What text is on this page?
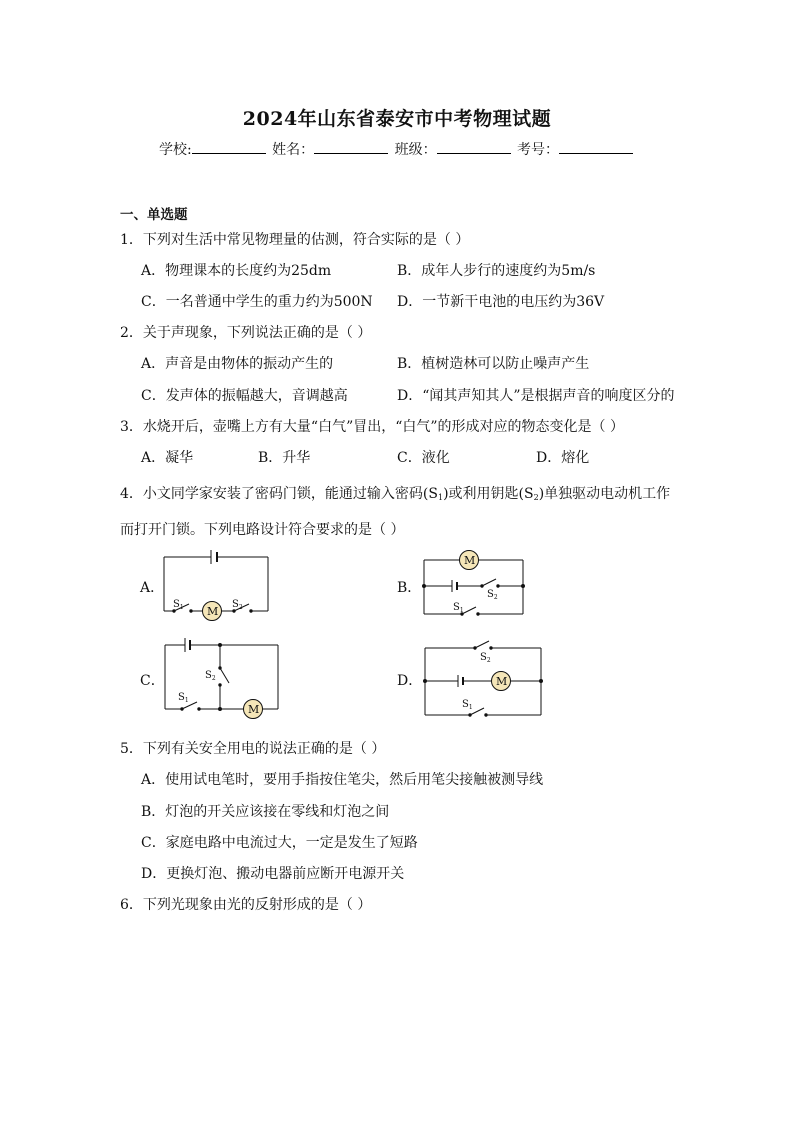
2024年山东省泰安市中考物理试题
学校:	姓名：	班级：	考号：
一、单选题
1．下列对生活中常见物理量的估测，符合实际的是（ ）
A．物理课本的长度约为25dm	B．成年人步行的速度约为5m/s
C．一名普通中学生的重力约为500N D．一节新干电池的电压约为36V
2．关于声现象，下列说法正确的是（ ）
A．声音是由物体的振动产生的	B．植树造林可以防止噪声产生
C．发声体的振幅越大，音调越高	D．“闻其声知其人”是根据声音的响度区分的
3．水烧开后，壶嘴上方有大量“白气”冒出，“白气”的形成对应的物态变化是（ ）
A．凝华	B．升华	C．液化	D．熔化
4．小文同学家安装了密码门锁，能通过输入密码$(S_1)$或利用钥匙$(S_2)$单独驱动电动机工作
而打开门锁。下列电路设计符合要求的是（ ）
A．	B．
C．	D．
M
M
M
M
$S_1$	$S_2$
$S_2$
$S_1$
$S_2$
$S_1$
$S_2$
$S_1$
5．下列有关安全用电的说法正确的是（ ）
A．使用试电笔时，要用手指按住笔尖，然后用笔尖接触被测导线
B．灯泡的开关应该接在零线和灯泡之间
C．家庭电路中电流过大，一定是发生了短路
D．更换灯泡、搬动电器前应断开电源开关
6．下列光现象由光的反射形成的是（ ）
